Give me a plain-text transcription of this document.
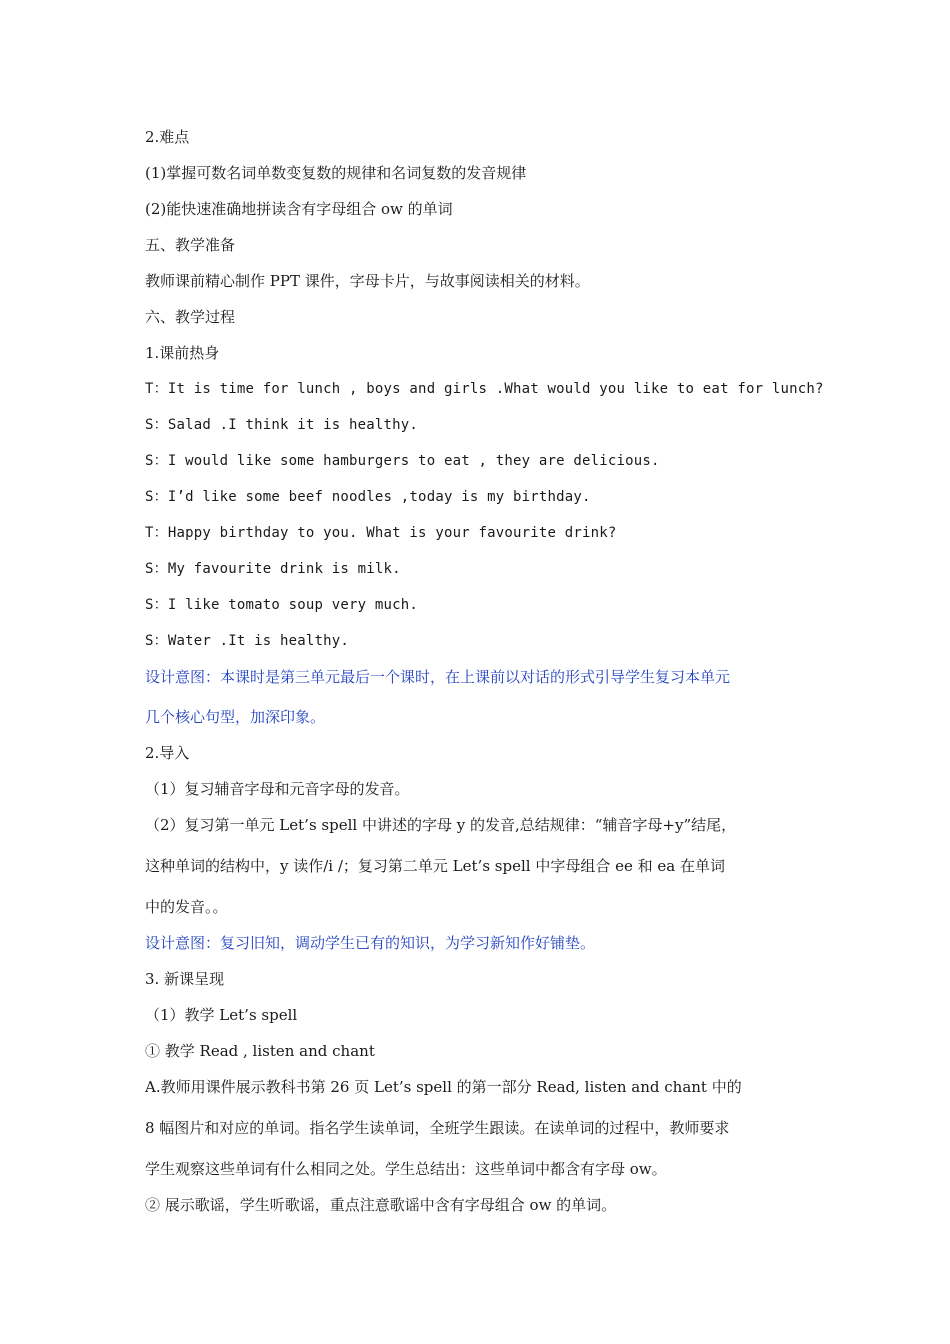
2.难点

(1)掌握可数名词单数变复数的规律和名词复数的发音规律

(2)能快速准确地拼读含有字母组合 ow 的单词

五、教学准备

教师课前精心制作 PPT 课件，字母卡片，与故事阅读相关的材料。

六、教学过程

1.课前热身

T：It is time for lunch , boys and girls .What would you like to eat for lunch?

S：Salad .I think it is healthy.

S：I would like some hamburgers to eat , they are delicious.

S：I’d like some beef noodles ,today is my birthday.

T：Happy birthday to you. What is your favourite drink?

S：My favourite drink is milk.

S：I like tomato soup very much.

S：Water .It is healthy.

设计意图：本课时是第三单元最后一个课时，在上课前以对话的形式引导学生复习本单元

几个核心句型，加深印象。

2.导入

（1）复习辅音字母和元音字母的发音。

（2）复习第一单元 Let’s spell 中讲述的字母 y 的发音,总结规律：“辅音字母+y”结尾，

这种单词的结构中，y 读作/i /；复习第二单元 Let’s spell 中字母组合 ee 和 ea 在单词

中的发音。。

设计意图：复习旧知，调动学生已有的知识，为学习新知作好铺垫。

3. 新课呈现

（1）教学 Let’s spell

① 教学 Read , listen and chant

A.教师用课件展示教科书第 26 页 Let’s spell 的第一部分 Read, listen and chant 中的

8 幅图片和对应的单词。指名学生读单词，全班学生跟读。在读单词的过程中，教师要求

学生观察这些单词有什么相同之处。学生总结出：这些单词中都含有字母 ow。

② 展示歌谣，学生听歌谣，重点注意歌谣中含有字母组合 ow 的单词。
